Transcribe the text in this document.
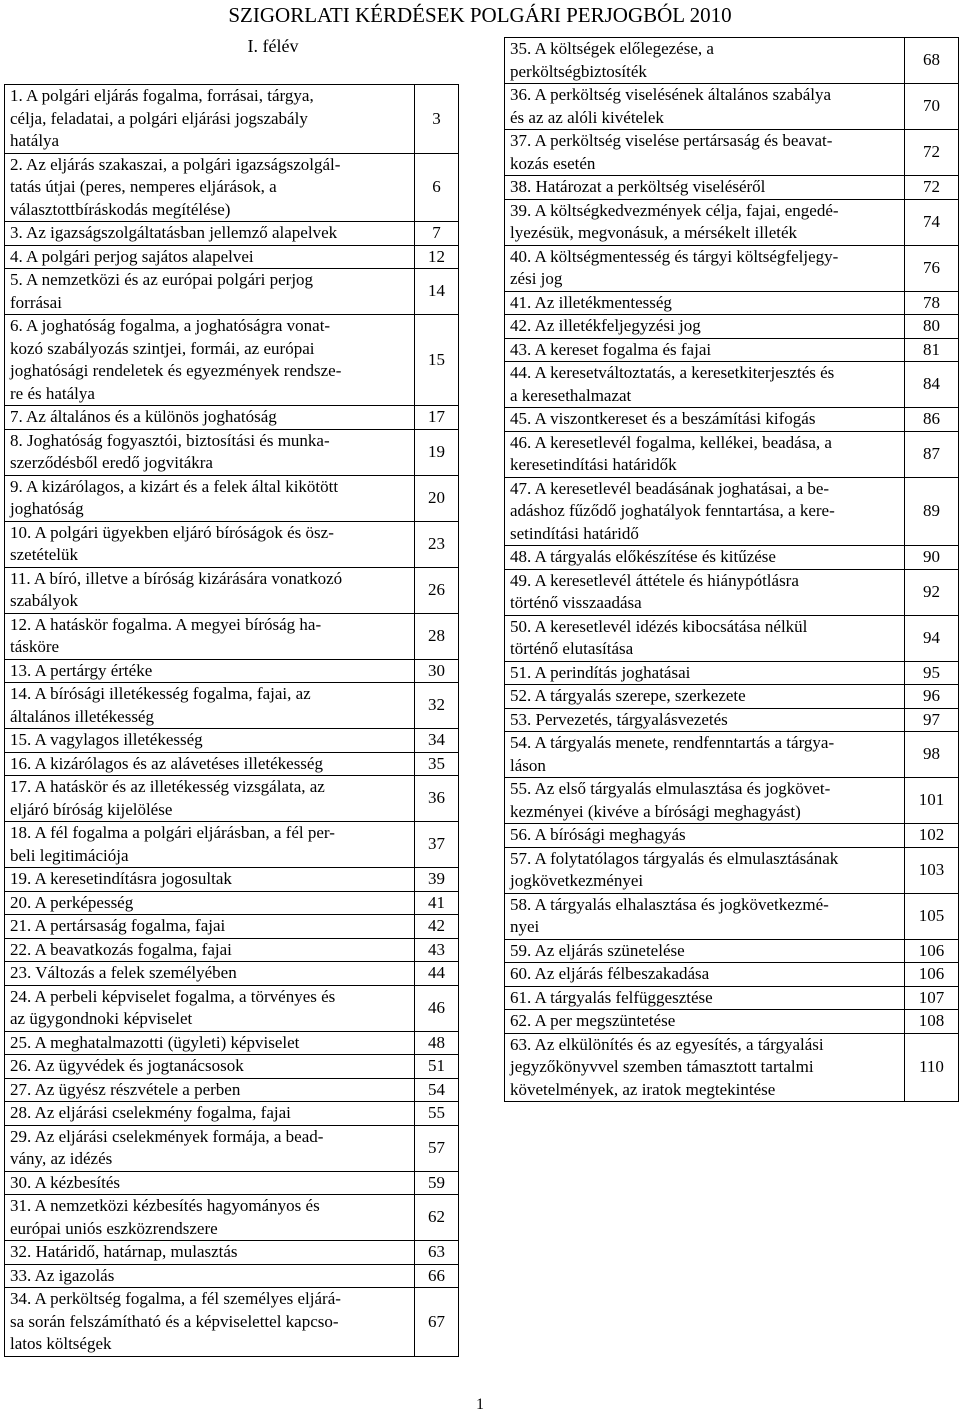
SZIGORLATI KÉRDÉSEK POLGÁRI PERJOGBÓL 2010
I. félév
1. A polgári eljárás fogalma, forrásai, tárgya,
célja, feladatai, a polgári eljárási jogszabály
hatálya	3

2. Az eljárás szakaszai, a polgári igazságszolgál-
tatás útjai (peres, nemperes eljárások, a
választottbíráskodás megítélése)	6

3. Az igazságszolgáltatásban jellemző alapelvek	7

4. A polgári perjog sajátos alapelvei	12

5. A nemzetközi és az európai polgári perjog
forrásai	14

6. A joghatóság fogalma, a joghatóságra vonat-
kozó szabályozás szintjei, formái, az európai
joghatósági rendeletek és egyezmények rendsze-
re és hatálya	15

7. Az általános és a különös joghatóság	17

8. Joghatóság fogyasztói, biztosítási és munka-
szerződésből eredő jogvitákra	19

9. A kizárólagos, a kizárt és a felek által kikötött
joghatóság	20

10. A polgári ügyekben eljáró bíróságok és ösz-
szetételük	23

11. A bíró, illetve a bíróság kizárására vonatkozó
szabályok	26

12. A hatáskör fogalma. A megyei bíróság ha-
tásköre	28

13. A pertárgy értéke	30

14. A bírósági illetékesség fogalma, fajai, az
általános illetékesség	32

15. A vagylagos illetékesség	34

16. A kizárólagos és az alávetéses illetékesség	35

17. A hatáskör és az illetékesség vizsgálata, az
eljáró bíróság kijelölése	36

18. A fél fogalma a polgári eljárásban, a fél per-
beli legitimációja	37

19. A keresetindításra jogosultak	39

20. A perképesség	41

21. A pertársaság fogalma, fajai	42

22. A beavatkozás fogalma, fajai	43

23. Változás a felek személyében	44

24. A perbeli képviselet fogalma, a törvényes és
az ügygondnoki képviselet	46

25. A meghatalmazotti (ügyleti) képviselet	48

26. Az ügyvédek és jogtanácsosok	51

27. Az ügyész részvétele a perben	54

28. Az eljárási cselekmény fogalma, fajai	55

29. Az eljárási cselekmények formája, a bead-
vány, az idézés	57

30. A kézbesítés	59

31. A nemzetközi kézbesítés hagyományos és
európai uniós eszközrendszere	62

32. Határidő, határnap, mulasztás	63

33. Az igazolás	66

34. A perköltség fogalma, a fél személyes eljárá-
sa során felszámítható és a képviselettel kapcso-
latos költségek	67
35. A költségek előlegezése, a
perköltségbiztosíték	68

36. A perköltség viselésének általános szabálya
és az az alóli kivételek	70

37. A perköltség viselése pertársaság és beavat-
kozás esetén	72

38. Határozat a perköltség viseléséről	72

39. A költségkedvezmények célja, fajai, engedé-
lyezésük, megvonásuk, a mérsékelt illeték	74

40. A költségmentesség és tárgyi költségfeljegy-
zési jog	76

41. Az illetékmentesség	78

42. Az illetékfeljegyzési jog	80

43. A kereset fogalma és fajai	81

44. A keresetváltoztatás, a keresetkiterjesztés és
a keresethalmazat	84

45. A viszontkereset és a beszámítási kifogás	86

46. A keresetlevél fogalma, kellékei, beadása, a
keresetindítási határidők	87

47. A keresetlevél beadásának joghatásai, a be-
adáshoz fűződő joghatályok fenntartása, a kere-
setindítási határidő	89

48. A tárgyalás előkészítése és kitűzése	90

49. A keresetlevél áttétele és hiánypótlásra
történő visszaadása	92

50. A keresetlevél idézés kibocsátása nélkül
történő elutasítása	94

51. A perindítás joghatásai	95

52. A tárgyalás szerepe, szerkezete	96

53. Pervezetés, tárgyalásvezetés	97

54. A tárgyalás menete, rendfenntartás a tárgya-
láson	98

55. Az első tárgyalás elmulasztása és jogkövet-
kezményei (kivéve a bírósági meghagyást)	101

56. A bírósági meghagyás	102

57. A folytatólagos tárgyalás és elmulasztásának
jogkövetkezményei	103

58. A tárgyalás elhalasztása és jogkövetkezmé-
nyei	105

59. Az eljárás szünetelése	106

60. Az eljárás félbeszakadása	106

61. A tárgyalás felfüggesztése	107

62. A per megszüntetése	108

63. Az elkülönítés és az egyesítés, a tárgyalási
jegyzőkönyvvel szemben támasztott tartalmi
követelmények, az iratok megtekintése	110
1
